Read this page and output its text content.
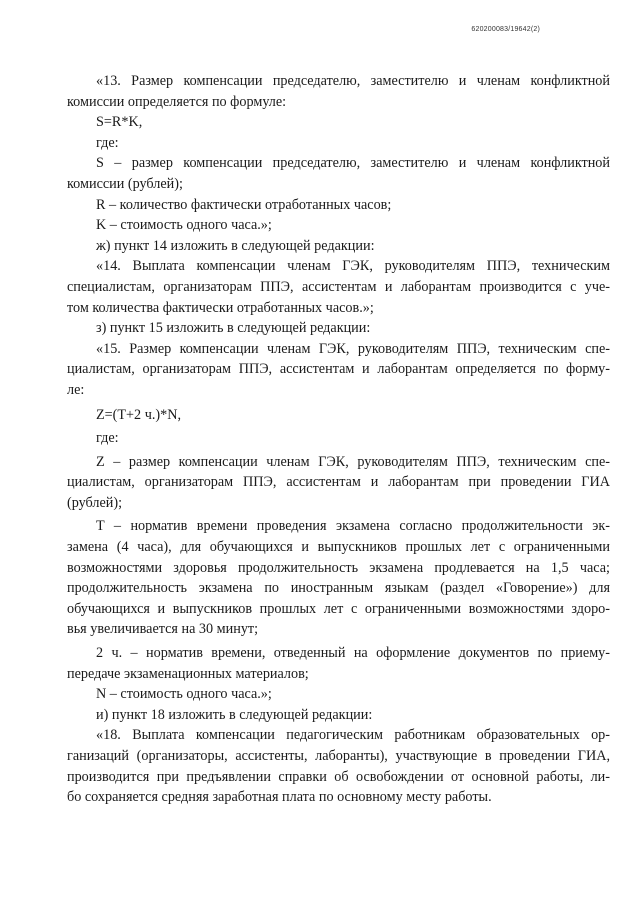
620200083/19642(2)
«13. Размер компенсации председателю, заместителю и членам конфликтной
комиссии определяется по формуле:
S=R*K,
где:
S – размер компенсации председателю, заместителю и членам конфликтной
комиссии (рублей);
R – количество фактически отработанных часов;
K – стоимость одного часа.»;
ж) пункт 14 изложить в следующей редакции:
«14. Выплата компенсации членам ГЭК, руководителям ППЭ, техническим
специалистам, организаторам ППЭ, ассистентам и лаборантам производится с уче-
том количества фактически отработанных часов.»;
з) пункт 15 изложить в следующей редакции:
«15. Размер компенсации членам ГЭК, руководителям ППЭ, техническим спе-
циалистам, организаторам ППЭ, ассистентам и лаборантам определяется по форму-
ле:
Z=(T+2 ч.)*N,
где:
Z – размер компенсации членам ГЭК, руководителям ППЭ, техническим спе-
циалистам, организаторам ППЭ, ассистентам и лаборантам при проведении ГИА
(рублей);
T – норматив времени проведения экзамена согласно продолжительности эк-
замена (4 часа), для обучающихся и выпускников прошлых лет с ограниченными
возможностями здоровья продолжительность экзамена продлевается на 1,5 часа;
продолжительность экзамена по иностранным языкам (раздел «Говорение») для
обучающихся и выпускников прошлых лет с ограниченными возможностями здоро-
вья увеличивается на 30 минут;
2 ч. – норматив времени, отведенный на оформление документов по приему-
передаче экзаменационных материалов;
N – стоимость одного часа.»;
и) пункт 18 изложить в следующей редакции:
«18. Выплата компенсации педагогическим работникам образовательных ор-
ганизаций (организаторы, ассистенты, лаборанты), участвующие в проведении ГИА,
производится при предъявлении справки об освобождении от основной работы, ли-
бо сохраняется средняя заработная плата по основному месту работы.
